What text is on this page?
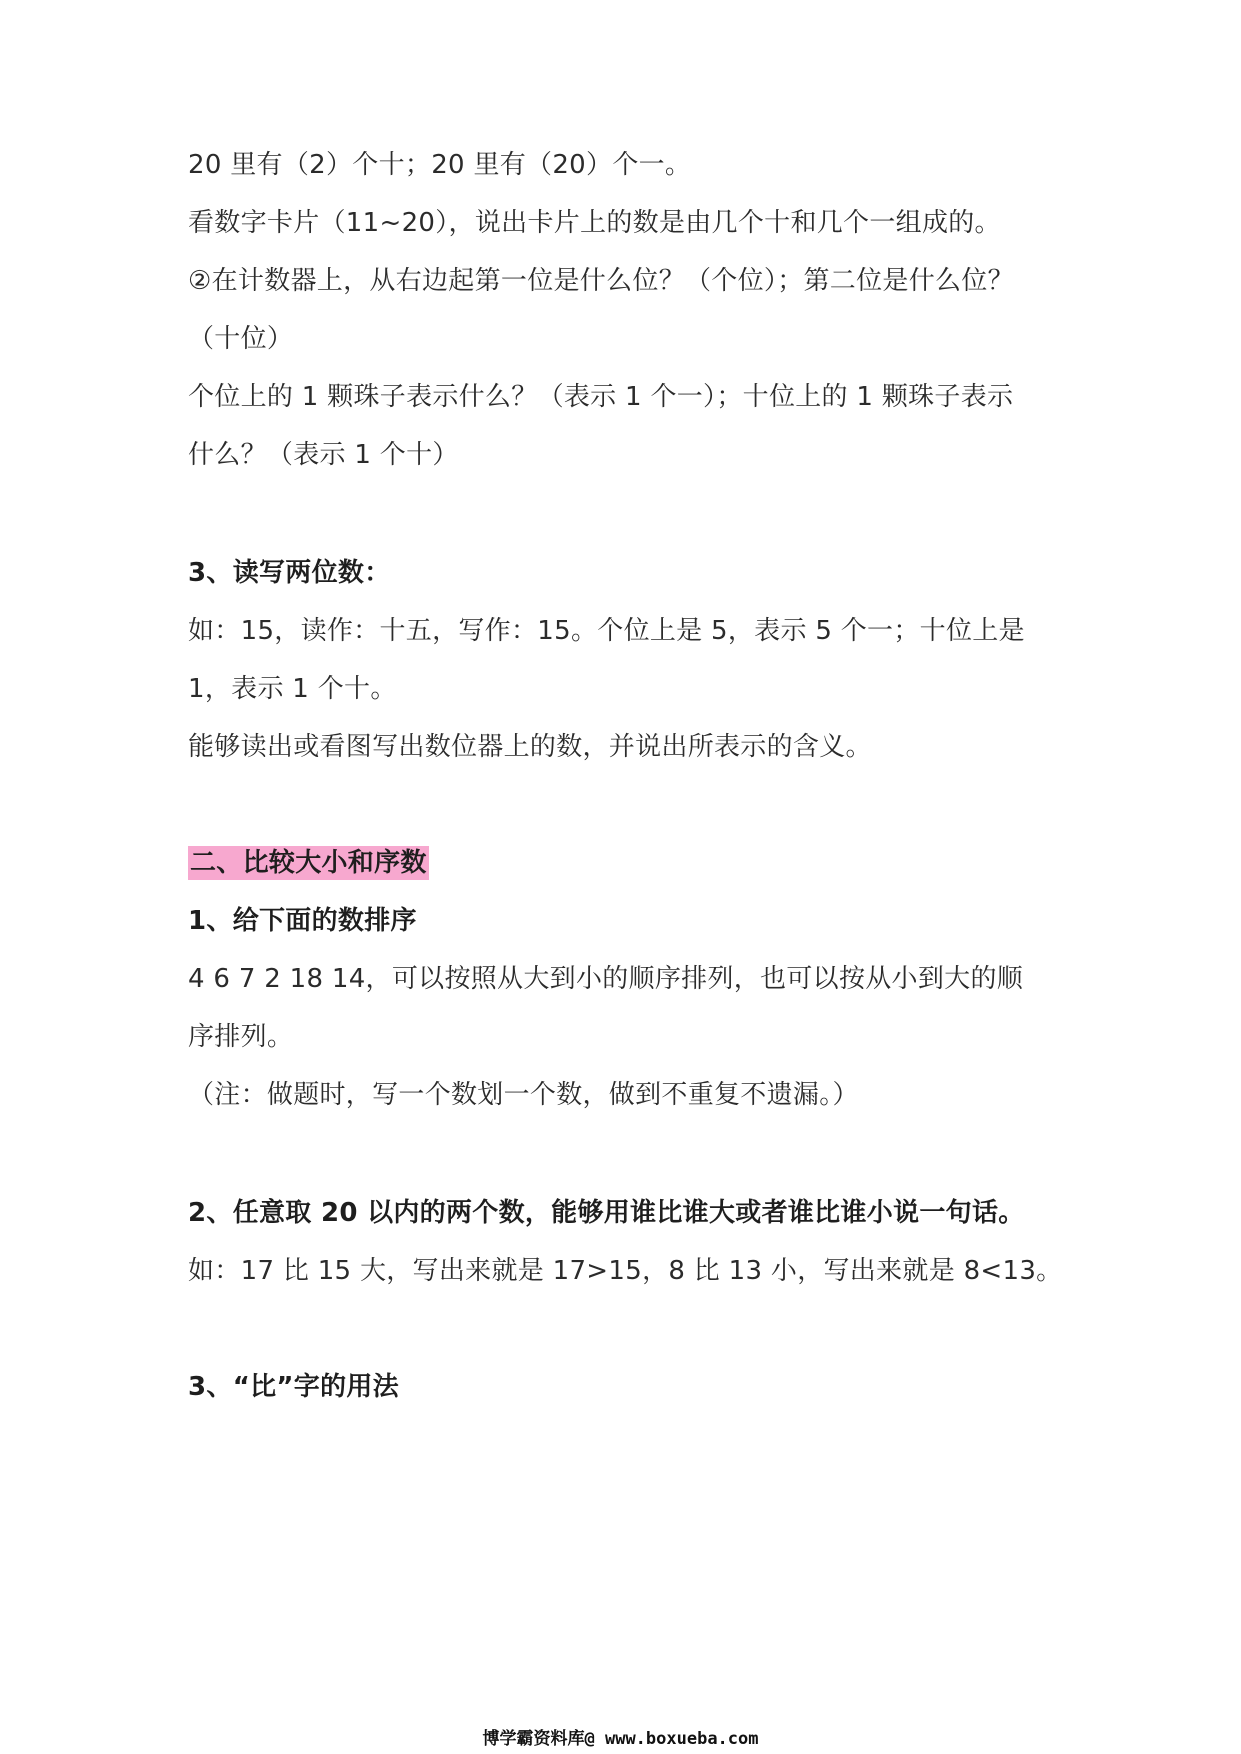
20 里有（2）个十；20 里有（20）个一。
看数字卡片（11~20），说出卡片上的数是由几个十和几个一组成的。
②在计数器上，从右边起第一位是什么位？（个位）；第二位是什么位？
（十位）
个位上的 1 颗珠子表示什么？（表示 1 个一）；十位上的 1 颗珠子表示
什么？（表示 1 个十）
3、读写两位数：
如：15，读作：十五，写作：15。个位上是 5，表示 5 个一；十位上是
1，表示 1 个十。
能够读出或看图写出数位器上的数，并说出所表示的含义。
二、比较大小和序数
1、给下面的数排序
4 6 7 2 18 14，可以按照从大到小的顺序排列，也可以按从小到大的顺
序排列。
（注：做题时，写一个数划一个数，做到不重复不遗漏。）
2、任意取 20 以内的两个数，能够用谁比谁大或者谁比谁小说一句话。
如：17 比 15 大，写出来就是 17>15，8 比 13 小，写出来就是 8<13。
3、“比”字的用法
博学霸资料库@ www.boxueba.com
